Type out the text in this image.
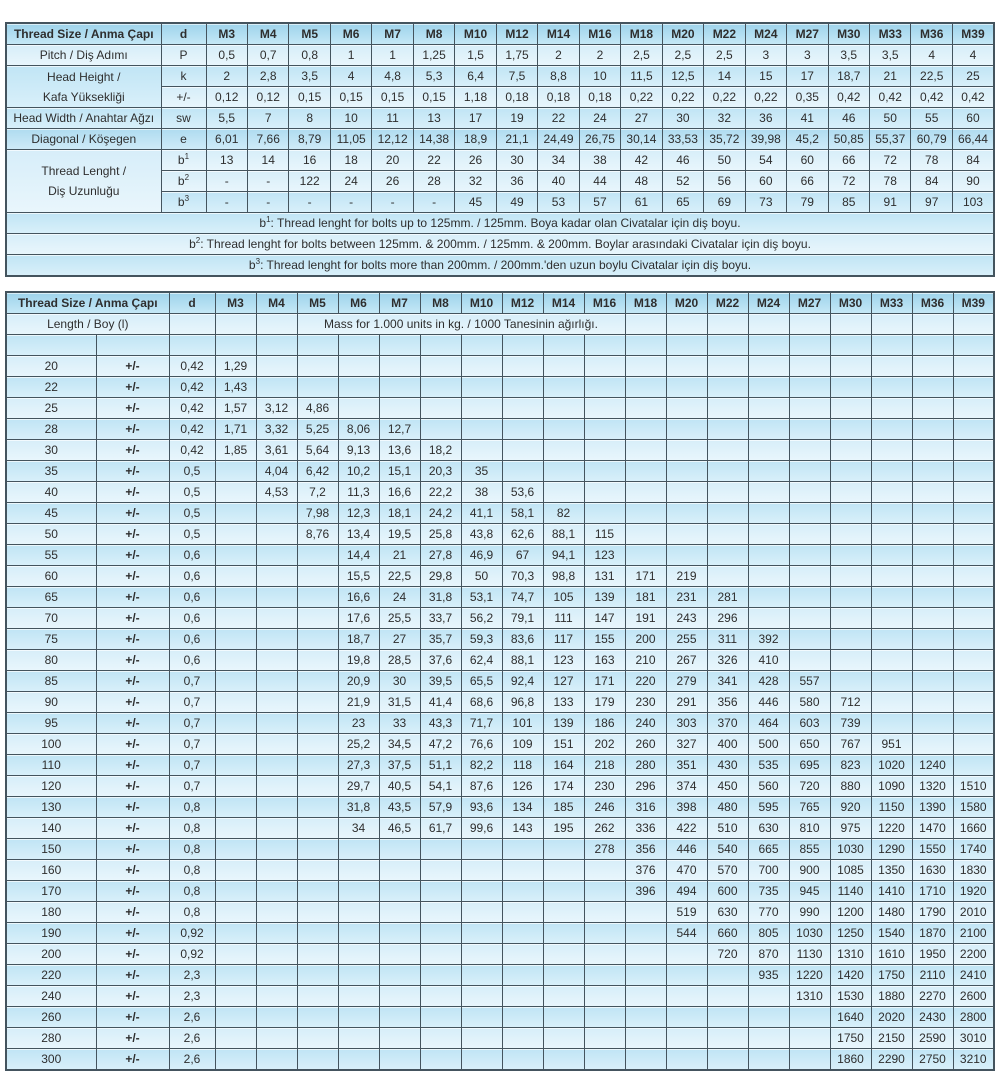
Thread Size / Anma Çapı	d	M3	M4	M5	M6	M7	M8	M10	M12	M14	M16	M18	M20	M22	M24	M27	M30	M33	M36	M39

Pitch / Diş Adımı	P	0,5	0,7	0,8	1	1	1,25	1,5	1,75	2	2	2,5	2,5	2,5	3	3	3,5	3,5	4	4

Head Height /
Kafa Yüksekliği	k	2	2,8	3,5	4	4,8	5,3	6,4	7,5	8,8	10	11,5	12,5	14	15	17	18,7	21	22,5	25
	+/-	0,12	0,12	0,15	0,15	0,15	0,15	1,18	0,18	0,18	0,18	0,22	0,22	0,22	0,22	0,35	0,42	0,42	0,42	0,42

Head Width / Anahtar Ağzı	sw	5,5	7	8	10	11	13	17	19	22	24	27	30	32	36	41	46	50	55	60

Diagonal / Köşegen	e	6,01	7,66	8,79	11,05	12,12	14,38	18,9	21,1	24,49	26,75	30,14	33,53	35,72	39,98	45,2	50,85	55,37	60,79	66,44

Thread Lenght /
Diş Uzunluğu	$b^1$	13	14	16	18	20	22	26	30	34	38	42	46	50	54	60	66	72	78	84
	$b^2$	-	-	122	24	26	28	32	36	40	44	48	52	56	60	66	72	78	84	90
	$b^3$	-	-	-	-	-	-	45	49	53	57	61	65	69	73	79	85	91	97	103
$b^1$: Thread lenght for bolts up to 125mm. / 125mm. Boya kadar olan Civatalar için diş boyu.																				
$b^2$: Thread lenght for bolts between 125mm. & 200mm. / 125mm. & 200mm. Boylar arasındaki Civatalar için diş boyu.																				
$b^3$: Thread lenght for bolts more than 200mm. / 200mm.'den uzun boylu Civatalar için diş boyu.																				
Thread Size / Anma Çapı		d	M3	M4	M5	M6	M7	M8	M10	M12	M14	M16	M18	M20	M22	M24	M27	M30	M33	M36	M39
Length / Boy (l)					Mass for 1.000 units in kg. / 1000 Tanesinin ağırlığı.																

20	+/-	0,42	1,29																		
22	+/-	0,42	1,43																		
25	+/-	0,42	1,57	3,12	4,86																
28	+/-	0,42	1,71	3,32	5,25	8,06	12,7														
30	+/-	0,42	1,85	3,61	5,64	9,13	13,6	18,2													
35	+/-	0,5		4,04	6,42	10,2	15,1	20,3	35												
40	+/-	0,5		4,53	7,2	11,3	16,6	22,2	38	53,6											
45	+/-	0,5			7,98	12,3	18,1	24,2	41,1	58,1	82										
50	+/-	0,5			8,76	13,4	19,5	25,8	43,8	62,6	88,1	115									
55	+/-	0,6				14,4	21	27,8	46,9	67	94,1	123									
60	+/-	0,6				15,5	22,5	29,8	50	70,3	98,8	131	171	219							
65	+/-	0,6				16,6	24	31,8	53,1	74,7	105	139	181	231	281						
70	+/-	0,6				17,6	25,5	33,7	56,2	79,1	111	147	191	243	296						
75	+/-	0,6				18,7	27	35,7	59,3	83,6	117	155	200	255	311	392					
80	+/-	0,6				19,8	28,5	37,6	62,4	88,1	123	163	210	267	326	410					
85	+/-	0,7				20,9	30	39,5	65,5	92,4	127	171	220	279	341	428	557				
90	+/-	0,7				21,9	31,5	41,4	68,6	96,8	133	179	230	291	356	446	580	712			
95	+/-	0,7				23	33	43,3	71,7	101	139	186	240	303	370	464	603	739			
100	+/-	0,7				25,2	34,5	47,2	76,6	109	151	202	260	327	400	500	650	767	951		
110	+/-	0,7				27,3	37,5	51,1	82,2	118	164	218	280	351	430	535	695	823	1020	1240	
120	+/-	0,7				29,7	40,5	54,1	87,6	126	174	230	296	374	450	560	720	880	1090	1320	1510
130	+/-	0,8				31,8	43,5	57,9	93,6	134	185	246	316	398	480	595	765	920	1150	1390	1580
140	+/-	0,8				34	46,5	61,7	99,6	143	195	262	336	422	510	630	810	975	1220	1470	1660
150	+/-	0,8										278	356	446	540	665	855	1030	1290	1550	1740
160	+/-	0,8											376	470	570	700	900	1085	1350	1630	1830
170	+/-	0,8											396	494	600	735	945	1140	1410	1710	1920
180	+/-	0,8												519	630	770	990	1200	1480	1790	2010
190	+/-	0,92												544	660	805	1030	1250	1540	1870	2100
200	+/-	0,92													720	870	1130	1310	1610	1950	2200
220	+/-	2,3														935	1220	1420	1750	2110	2410
240	+/-	2,3															1310	1530	1880	2270	2600
260	+/-	2,6																1640	2020	2430	2800
280	+/-	2,6																1750	2150	2590	3010
300	+/-	2,6																1860	2290	2750	3210
